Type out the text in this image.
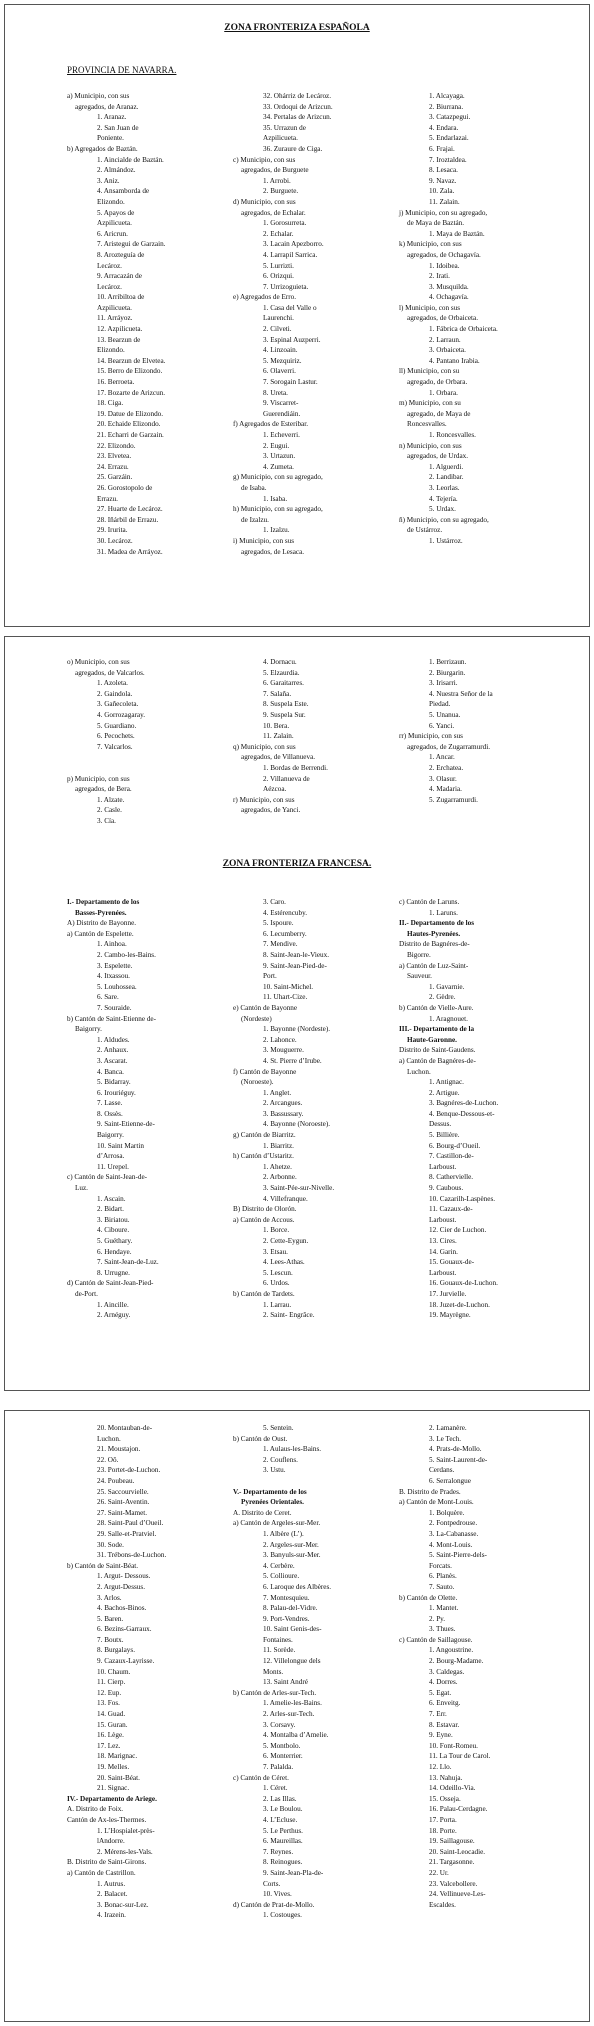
ZONA FRONTERIZA ESPAÑOLA
PROVINCIA DE NAVARRA.
a) Municipio, con sus
agregados, de Aranaz.
1. Aranaz.
2. San Juan de
Poniente.
b) Agregados de Baztán.
1. Aincialde de Baztán.
2. Almándoz.
3. Aniz.
4. Ansamborda de
Elizondo.
5. Apayos de
Azpilicueta.
6. Aricrun.
7. Aristegui de Garzain.
8. Arozteguía de
Lecároz.
9. Arracazán de
Lecároz.
10. Arribiltoa de
Azpilicueta.
11. Arráyoz.
12. Azpilicueta.
13. Bearzun de
Elizondo.
14. Bearzun de Elvetea.
15. Berro de Elizondo.
16. Berroeta.
17. Bozarte de Arizcun.
18. Ciga.
19. Datue de Elizondo.
20. Echaide Elizondo.
21. Echarri de Garzain.
22. Elizondo.
23. Elvetea.
24. Errazu.
25. Garzáin.
26. Gorostopolo de
Errazu.
27. Huarte de Lecároz.
28. Iñárbil de Errazu.
29. Irurita.
30. Lecároz.
31. Madea de Arráyoz.
32. Ohárriz de Lecároz.
33. Ordoqui de Arizcun.
34. Pertalas de Arizcun.
35. Urrazun de
Azpilicueta.
36. Zuraure de Ciga.
c) Municipio, con sus
agregados, de Burguete
1. Arrobi.
2. Burguete.
d) Municipio, con sus
agregados, de Echalar.
1. Gorosurreta.
2. Echalar.
3. Lacain Apezborro.
4. Larrapil Sarrica.
5. Lurrizti.
6. Orizqui.
7. Urrizoguieta.
e) Agregados de Erro.
1. Casa del Valle o
Laurenchi.
2. Cilveti.
3. Espinal Auzperri.
4. Linzoain.
5. Mezquiriz.
6. Olaverri.
7. Sorogain Lastur.
8. Ureta.
9. Viscarret-
Guerendiáin.
f) Agregados de Esteribar.
1. Echeverri.
2. Eugui.
3. Urtazun.
4. Zumeta.
g) Municipio, con su agregado,
de Isaba.
1. Isaba.
h) Municipio, con su agregado,
de Izalzu.
1. Izalzu.
i) Municipio, con sus
agregados, de Lesaca.
1. Alcayaga.
2. Biurrana.
3. Catazpegui.
4. Endara.
5. Endarlazai.
6. Frajai.
7. Iroztaldea.
8. Lesaca.
9. Navaz.
10. Zala.
11. Zalain.
j) Municipio, con su agregado,
de Maya de Baztán.
1. Maya de Baztán.
k) Municipio, con sus
agregados, de Ochagavía.
1. Idoibea.
2. Irati.
3. Musquilda.
4. Ochagavía.
l) Municipio, con sus
agregados, de Orbaiceta.
1. Fábrica de Orbaiceta.
2. Larraun.
3. Orbaiceta.
4. Pantano Irabia.
ll) Municipio, con su
agregado, de Orbara.
1. Orbara.
m) Municipio, con su
agregado, de Maya de
Roncesvalles.
1. Roncesvalles.
n) Municipio, con sus
agregados, de Urdax.
1. Alguerdi.
2. Landibar.
3. Leorlas.
4. Tejería.
5. Urdax.
ñ) Municipio, con su agregado,
de Ustárroz.
1. Ustárroz.
o) Municipio, con sus
agregados, de Valcarlos.
1. Azoleta.
2. Gaindola.
3. Gañecoleta.
4. Gorrozagaray.
5. Guardiano.
6. Pecochets.
7. Valcarlos.
p) Municipio, con sus
agregados, de Bera.
1. Alzate.
2. Casle.
3. Cía.
4. Dornacu.
5. Elzaurdia.
6. Garaitarres.
7. Salaña.
8. Suspela Este.
9. Suspela Sur.
10. Bera.
11. Zalain.
q) Municipio, con sus
agregados, de Villanueva.
1. Bordas de Berrendi.
2. Villanueva de
Aézcoa.
r) Municipio, con sus
agregados, de Yanci.
1. Berrizaun.
2. Biurgarin.
3. Irisarri.
4. Nuestra Señor de la
Piedad.
5. Unanua.
6. Yanci.
rr) Municipio, con sus
agregados, de Zugarramurdi.
1. Ancar.
2. Erchatea.
3. Olasur.
4. Madaria.
5. Zugarramurdi.
ZONA FRONTERIZA FRANCESA.
I.- Departamento de los
Basses-Pyrenées.
A) Distrito de Bayonne.
a) Cantón de Espelette.
1. Ainhoa.
2. Cambo-les-Bains.
3. Espelette.
4. Itxassou.
5. Louhossea.
6. Sare.
7. Souraide.
b) Cantón de Saint-Etienne de-
Baigorry.
1. Aldudes.
2. Anhaux.
3. Ascarat.
4. Banca.
5. Bidarray.
6. Irouriéguy.
7. Lasse.
8. Ossès.
9. Saint-Etienne-de-
Baigorry.
10. Saint Martin
d’Arrosa.
11. Urepel.
c) Cantón de Saint-Jean-de-
Luz.
1. Ascain.
2. Bidart.
3. Biriatou.
4. Ciboure.
5. Guéthary.
6. Hendaye.
7. Saint-Jean-de-Luz.
8. Urrugne.
d) Cantón de Saint-Jean-Pied-
de-Port.
1. Aincille.
2. Arnéguy.
3. Caro.
4. Estérencuby.
5. Ispoure.
6. Lecumberry.
7. Mendive.
8. Saint-Jean-le-Vieux.
9. Saint-Jean-Pied-de-
Port.
10. Saint-Michel.
11. Uhart-Cize.
e) Cantón de Bayonne
(Nordeste)
1. Bayonne (Nordeste).
2. Lahonce.
3. Mouguerre.
4. St. Pierre d’Irube.
f) Cantón de Bayonne
(Noroeste).
1. Anglet.
2. Arcangues.
3. Bassussary.
4. Bayonne (Noroeste).
g) Cantón de Biarritz.
1. Biarritz.
h) Cantón d’Ustaritz.
1. Ahetze.
2. Arbonne.
3. Saint-Pée-sur-Nivelle.
4. Villefranque.
B) Distrito de Olorón.
a) Cantón de Accous.
1. Borce.
2. Cette-Eygun.
3. Etsau.
4. Lees-Athas.
5. Lescun.
6. Urdos.
b) Cantón de Tardets.
1. Larrau.
2. Saint- Engrâce.
c) Cantón de Laruns.
1. Laruns.
II.- Departamento de los
Hautes-Pyrenées.
Distrito de Bagnéres-de-
Bigorre.
a) Cantón de Luz-Saint-
Sauveur.
1. Gavarnie.
2. Gèdre.
b) Cantón de Vielle-Aure.
1. Aragnouet.
III.- Departamento de la
Haute-Garonne.
Distrito de Saint-Gaudens.
a) Cantón de Bagnéres-de-
Luchon.
1. Antignac.
2. Artigue.
3. Bagnéres-de-Luchon.
4. Benque-Dessous-et-
Dessus.
5. Billière.
6. Bourg-d’Oueil.
7. Castillon-de-
Larboust.
8. Cathervielle.
9. Caubous.
10. Cazarilh-Laspènes.
11. Cazaux-de-
Larboust.
12. Cier de Luchon.
13. Cires.
14. Garin.
15. Gouaux-de-
Larboust.
16. Gouaux-de-Luchon.
17. Jurvielle.
18. Juzet-de-Luchon.
19. Mayrègne.
20. Montauban-de-
Luchon.
21. Moustajon.
22. Oô.
23. Portet-de-Luchon.
24. Poubeau.
25. Saccourvielle.
26. Saint-Aventin.
27. Saint-Mamet.
28. Saint-Paul d’Oueil.
29. Salle-et-Pratviel.
30. Sode.
31. Trébons-de-Luchon.
b) Cantón de Saint-Béat.
1. Argut- Dessous.
2. Argut-Dessus.
3. Arlos.
4. Bachos-Binos.
5. Baren.
6. Bezins-Garraux.
7. Boutx.
8. Burgalays.
9. Cazaux-Layrisse.
10. Chaum.
11. Cierp.
12. Eup.
13. Fos.
14. Guad.
15. Guran.
16. Lège.
17. Lez.
18. Marignac.
19. Melles.
20. Saint-Béat.
21. Signac.
IV.- Departamento de Ariege.
A. Distrito de Foix.
Cantón de Ax-les-Thermes.
1. L’Hospialet-près-
lAndorre.
2. Mérens-les-Vals.
B. Distrito de Saint-Girons.
a) Cantón de Castrillon.
1. Autrus.
2. Balacet.
3. Bonac-sur-Lez.
4. Irazein.
5. Sentein.
b) Cantón de Oust.
1. Aulaus-les-Bains.
2. Couflens.
3. Ustu.
V.- Departamento de los
Pyrenées Orientales.
A. Distrito de Ceret.
a) Cantón de Argeles-sur-Mer.
1. Albère (L’).
2. Argeles-sur-Mer.
3. Banyuls-sur-Mer.
4. Cerbère.
5. Collioure.
6. Laroque des Albères.
7. Montesquieu.
8. Palau-del-Vidre.
9. Port-Vendres.
10. Saint Genis-des-
Fontaines.
11. Sorède.
12. Villelongue dels
Monts.
13. Saint André
b) Cantón de Arles-sur-Tech.
1. Amelie-les-Bains.
2. Arles-sur-Tech.
3. Corsavy.
4. Montalba d’Amelie.
5. Montbolo.
6. Monterrier.
7. Palalda.
c) Cantón de Céret.
1. Céret.
2. Las Illas.
3. Le Boulou.
4. L’Ecluse.
5. Le Perthus.
6. Maureillas.
7. Reynes.
8. Reinogues.
9. Saint-Jean-Pla-de-
Corts.
10. Vives.
d) Cantón de Prat-de-Mollo.
1. Costouges.
2. Lamanère.
3. Le Tech.
4. Prats-de-Mollo.
5. Saint-Laurent-de-
Cerdans.
6. Serralongue
B. Distrito de Prades.
a) Cantón de Mont-Louis.
1. Bolquère.
2. Fontpedrouse.
3. La-Cabanasse.
4. Mont-Louis.
5. Saint-Pierre-dels-
Forcats.
6. Planès.
7. Sauto.
b) Cantón de Olette.
1. Mantet.
2. Py.
3. Thues.
c) Cantón de Saillagouse.
1. Angoustrine.
2. Bourg-Madame.
3. Caldegas.
4. Dorres.
5. Egat.
6. Enveitg.
7. Err.
8. Estavar.
9. Eyne.
10. Font-Romeu.
11. La Tour de Carol.
12. Llo.
13. Nahuja.
14. Odeillo-Via.
15. Osseja.
16. Palau-Cerdagne.
17. Porta.
18. Porte.
19. Saillagouse.
20. Saint-Leocadie.
21. Targasonne.
22. Ur.
23. Valcebollere.
24. Vellinueve-Les-
Escaldes.
